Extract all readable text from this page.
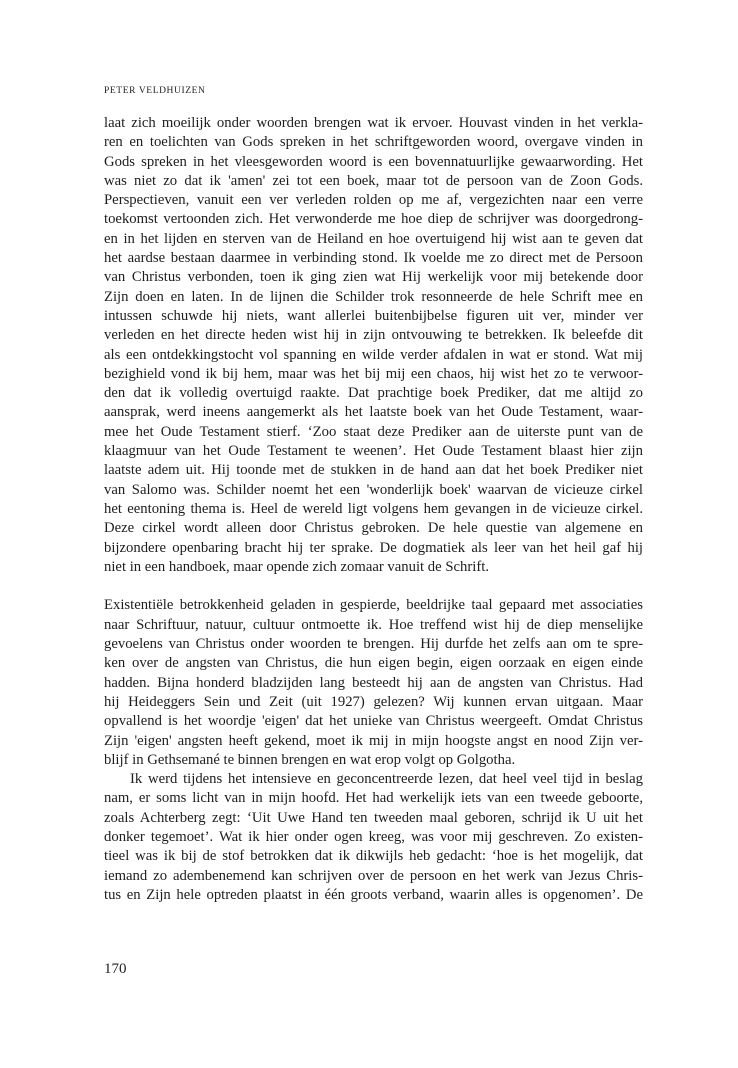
PETER VELDHUIZEN
laat zich moeilijk onder woorden brengen wat ik ervoer. Houvast vinden in het verkla-
ren en toelichten van Gods spreken in het schriftgeworden woord, overgave vinden in
Gods spreken in het vleesgeworden woord is een bovennatuurlijke gewaarwording. Het
was niet zo dat ik 'amen' zei tot een boek, maar tot de persoon van de Zoon Gods.
Perspectieven, vanuit een ver verleden rolden op me af, vergezichten naar een verre
toekomst vertoonden zich. Het verwonderde me hoe diep de schrijver was doorgedrong-
en in het lijden en sterven van de Heiland en hoe overtuigend hij wist aan te geven dat
het aardse bestaan daarmee in verbinding stond. Ik voelde me zo direct met de Persoon
van Christus verbonden, toen ik ging zien wat Hij werkelijk voor mij betekende door
Zijn doen en laten. In de lijnen die Schilder trok resonneerde de hele Schrift mee en
intussen schuwde hij niets, want allerlei buitenbijbelse figuren uit ver, minder ver
verleden en het directe heden wist hij in zijn ontvouwing te betrekken. Ik beleefde dit
als een ontdekkingstocht vol spanning en wilde verder afdalen in wat er stond. Wat mij
bezighield vond ik bij hem, maar was het bij mij een chaos, hij wist het zo te verwoor-
den dat ik volledig overtuigd raakte. Dat prachtige boek Prediker, dat me altijd zo
aansprak, werd ineens aangemerkt als het laatste boek van het Oude Testament, waar-
mee het Oude Testament stierf. ‘Zoo staat deze Prediker aan de uiterste punt van de
klaagmuur van het Oude Testament te weenen’. Het Oude Testament blaast hier zijn
laatste adem uit. Hij toonde met de stukken in de hand aan dat het boek Prediker niet
van Salomo was. Schilder noemt het een 'wonderlijk boek' waarvan de vicieuze cirkel
het eentoning thema is. Heel de wereld ligt volgens hem gevangen in de vicieuze cirkel.
Deze cirkel wordt alleen door Christus gebroken. De hele questie van algemene en
bijzondere openbaring bracht hij ter sprake. De dogmatiek als leer van het heil gaf hij
niet in een handboek, maar opende zich zomaar vanuit de Schrift.
Existentiële betrokkenheid geladen in gespierde, beeldrijke taal gepaard met associaties
naar Schriftuur, natuur, cultuur ontmoette ik. Hoe treffend wist hij de diep menselijke
gevoelens van Christus onder woorden te brengen. Hij durfde het zelfs aan om te spre-
ken over de angsten van Christus, die hun eigen begin, eigen oorzaak en eigen einde
hadden. Bijna honderd bladzijden lang besteedt hij aan de angsten van Christus. Had
hij Heideggers Sein und Zeit (uit 1927) gelezen? Wij kunnen ervan uitgaan. Maar
opvallend is het woordje 'eigen' dat het unieke van Christus weergeeft. Omdat Christus
Zijn 'eigen' angsten heeft gekend, moet ik mij in mijn hoogste angst en nood Zijn ver-
blijf in Gethsemané te binnen brengen en wat erop volgt op Golgotha.
Ik werd tijdens het intensieve en geconcentreerde lezen, dat heel veel tijd in beslag
nam, er soms licht van in mijn hoofd. Het had werkelijk iets van een tweede geboorte,
zoals Achterberg zegt: ‘Uit Uwe Hand ten tweeden maal geboren, schrijd ik U uit het
donker tegemoet’. Wat ik hier onder ogen kreeg, was voor mij geschreven. Zo existen-
tieel was ik bij de stof betrokken dat ik dikwijls heb gedacht: ‘hoe is het mogelijk, dat
iemand zo adembenemend kan schrijven over de persoon en het werk van Jezus Chris-
tus en Zijn hele optreden plaatst in één groots verband, waarin alles is opgenomen’. De
170
